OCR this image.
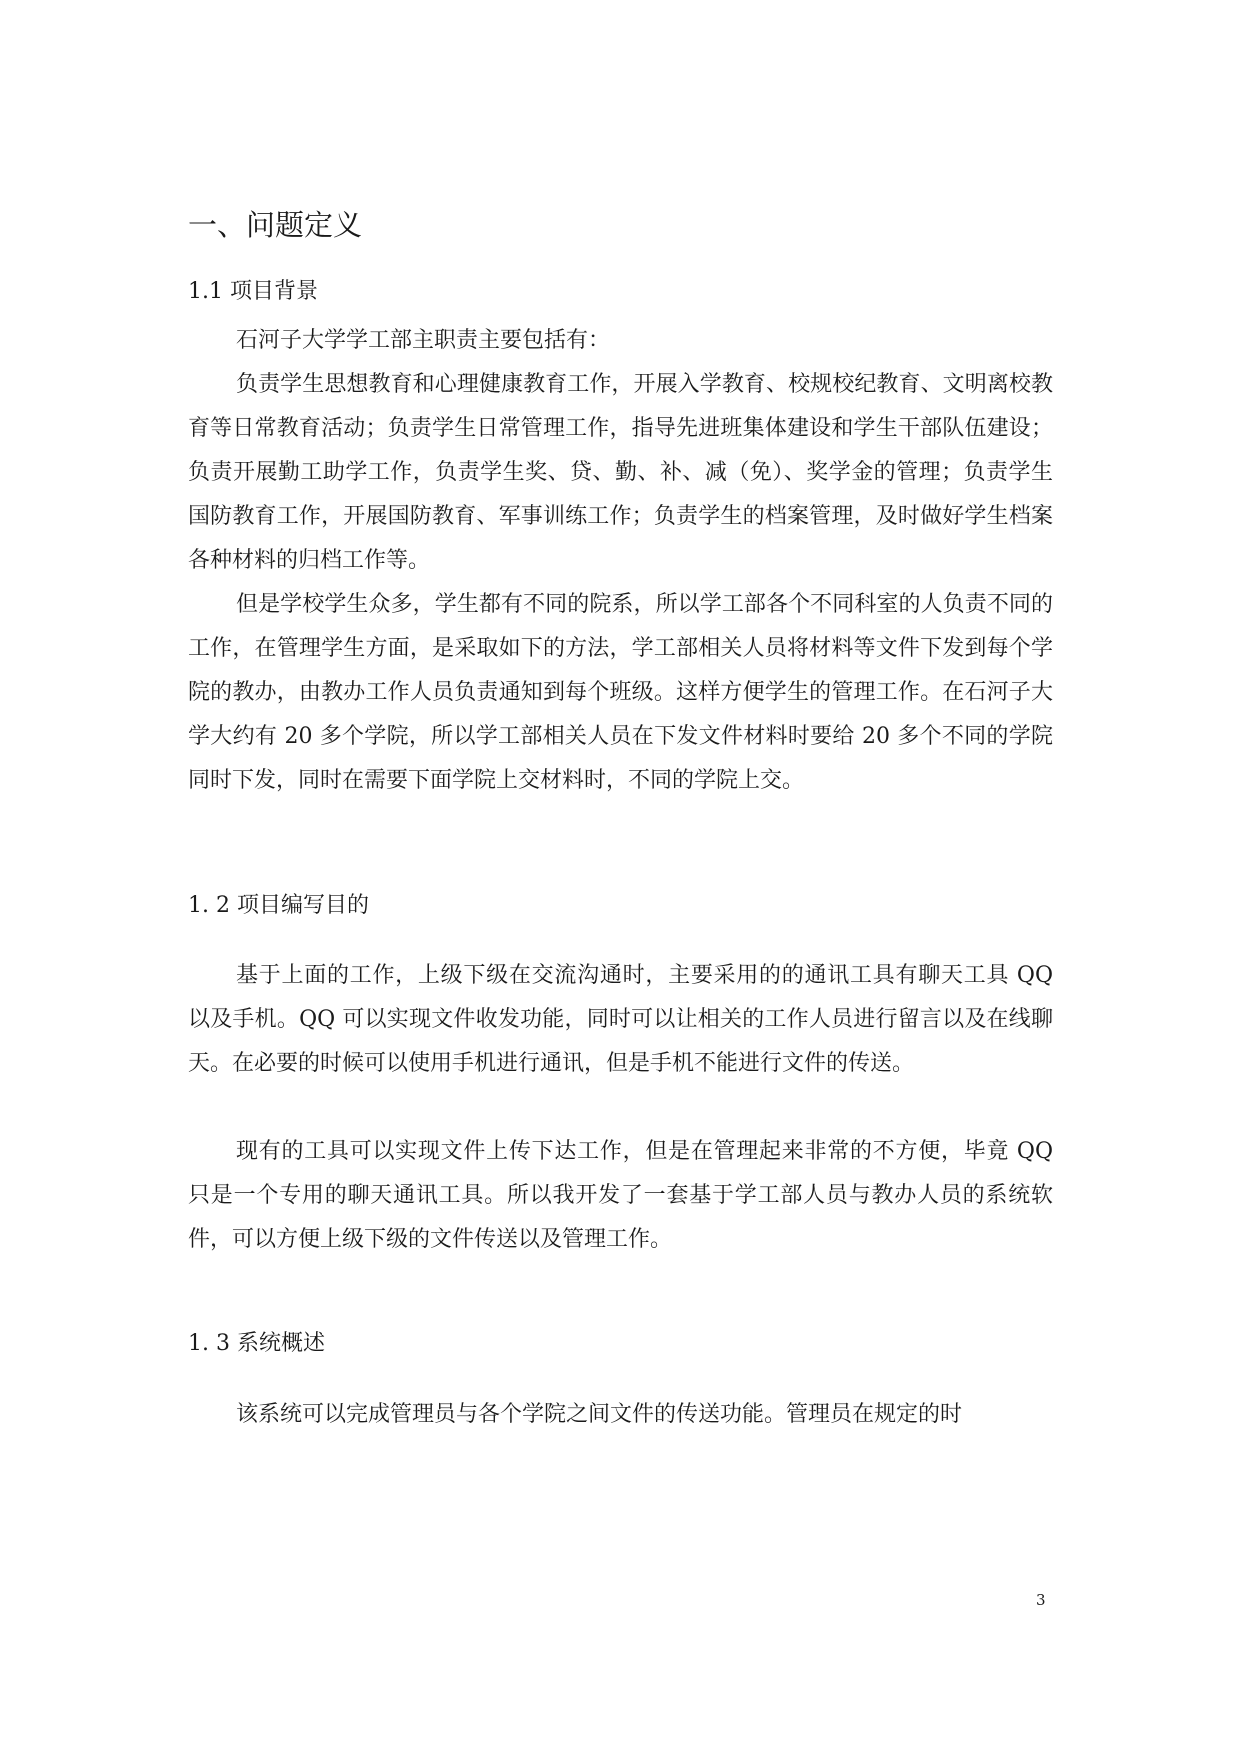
一、问题定义
1.1 项目背景

石河子大学学工部主职责主要包括有：

负责学生思想教育和心理健康教育工作，开展入学教育、校规校纪教育、文明离校教育等日常教育活动；负责学生日常管理工作，指导先进班集体建设和学生干部队伍建设；负责开展勤工助学工作，负责学生奖、贷、勤、补、减（免）、奖学金的管理；负责学生国防教育工作，开展国防教育、军事训练工作；负责学生的档案管理，及时做好学生档案各种材料的归档工作等。

但是学校学生众多，学生都有不同的院系，所以学工部各个不同科室的人负责不同的工作，在管理学生方面，是采取如下的方法，学工部相关人员将材料等文件下发到每个学院的教办，由教办工作人员负责通知到每个班级。这样方便学生的管理工作。在石河子大学大约有 20 多个学院，所以学工部相关人员在下发文件材料时要给 20 多个不同的学院同时下发，同时在需要下面学院上交材料时，不同的学院上交。

1. 2 项目编写目的

基于上面的工作，上级下级在交流沟通时，主要采用的的通讯工具有聊天工具 QQ 以及手机。QQ 可以实现文件收发功能，同时可以让相关的工作人员进行留言以及在线聊天。在必要的时候可以使用手机进行通讯，但是手机不能进行文件的传送。

现有的工具可以实现文件上传下达工作，但是在管理起来非常的不方便，毕竟 QQ 只是一个专用的聊天通讯工具。所以我开发了一套基于学工部人员与教办人员的系统软件，可以方便上级下级的文件传送以及管理工作。

1. 3 系统概述

该系统可以完成管理员与各个学院之间文件的传送功能。管理员在规定的时

3
